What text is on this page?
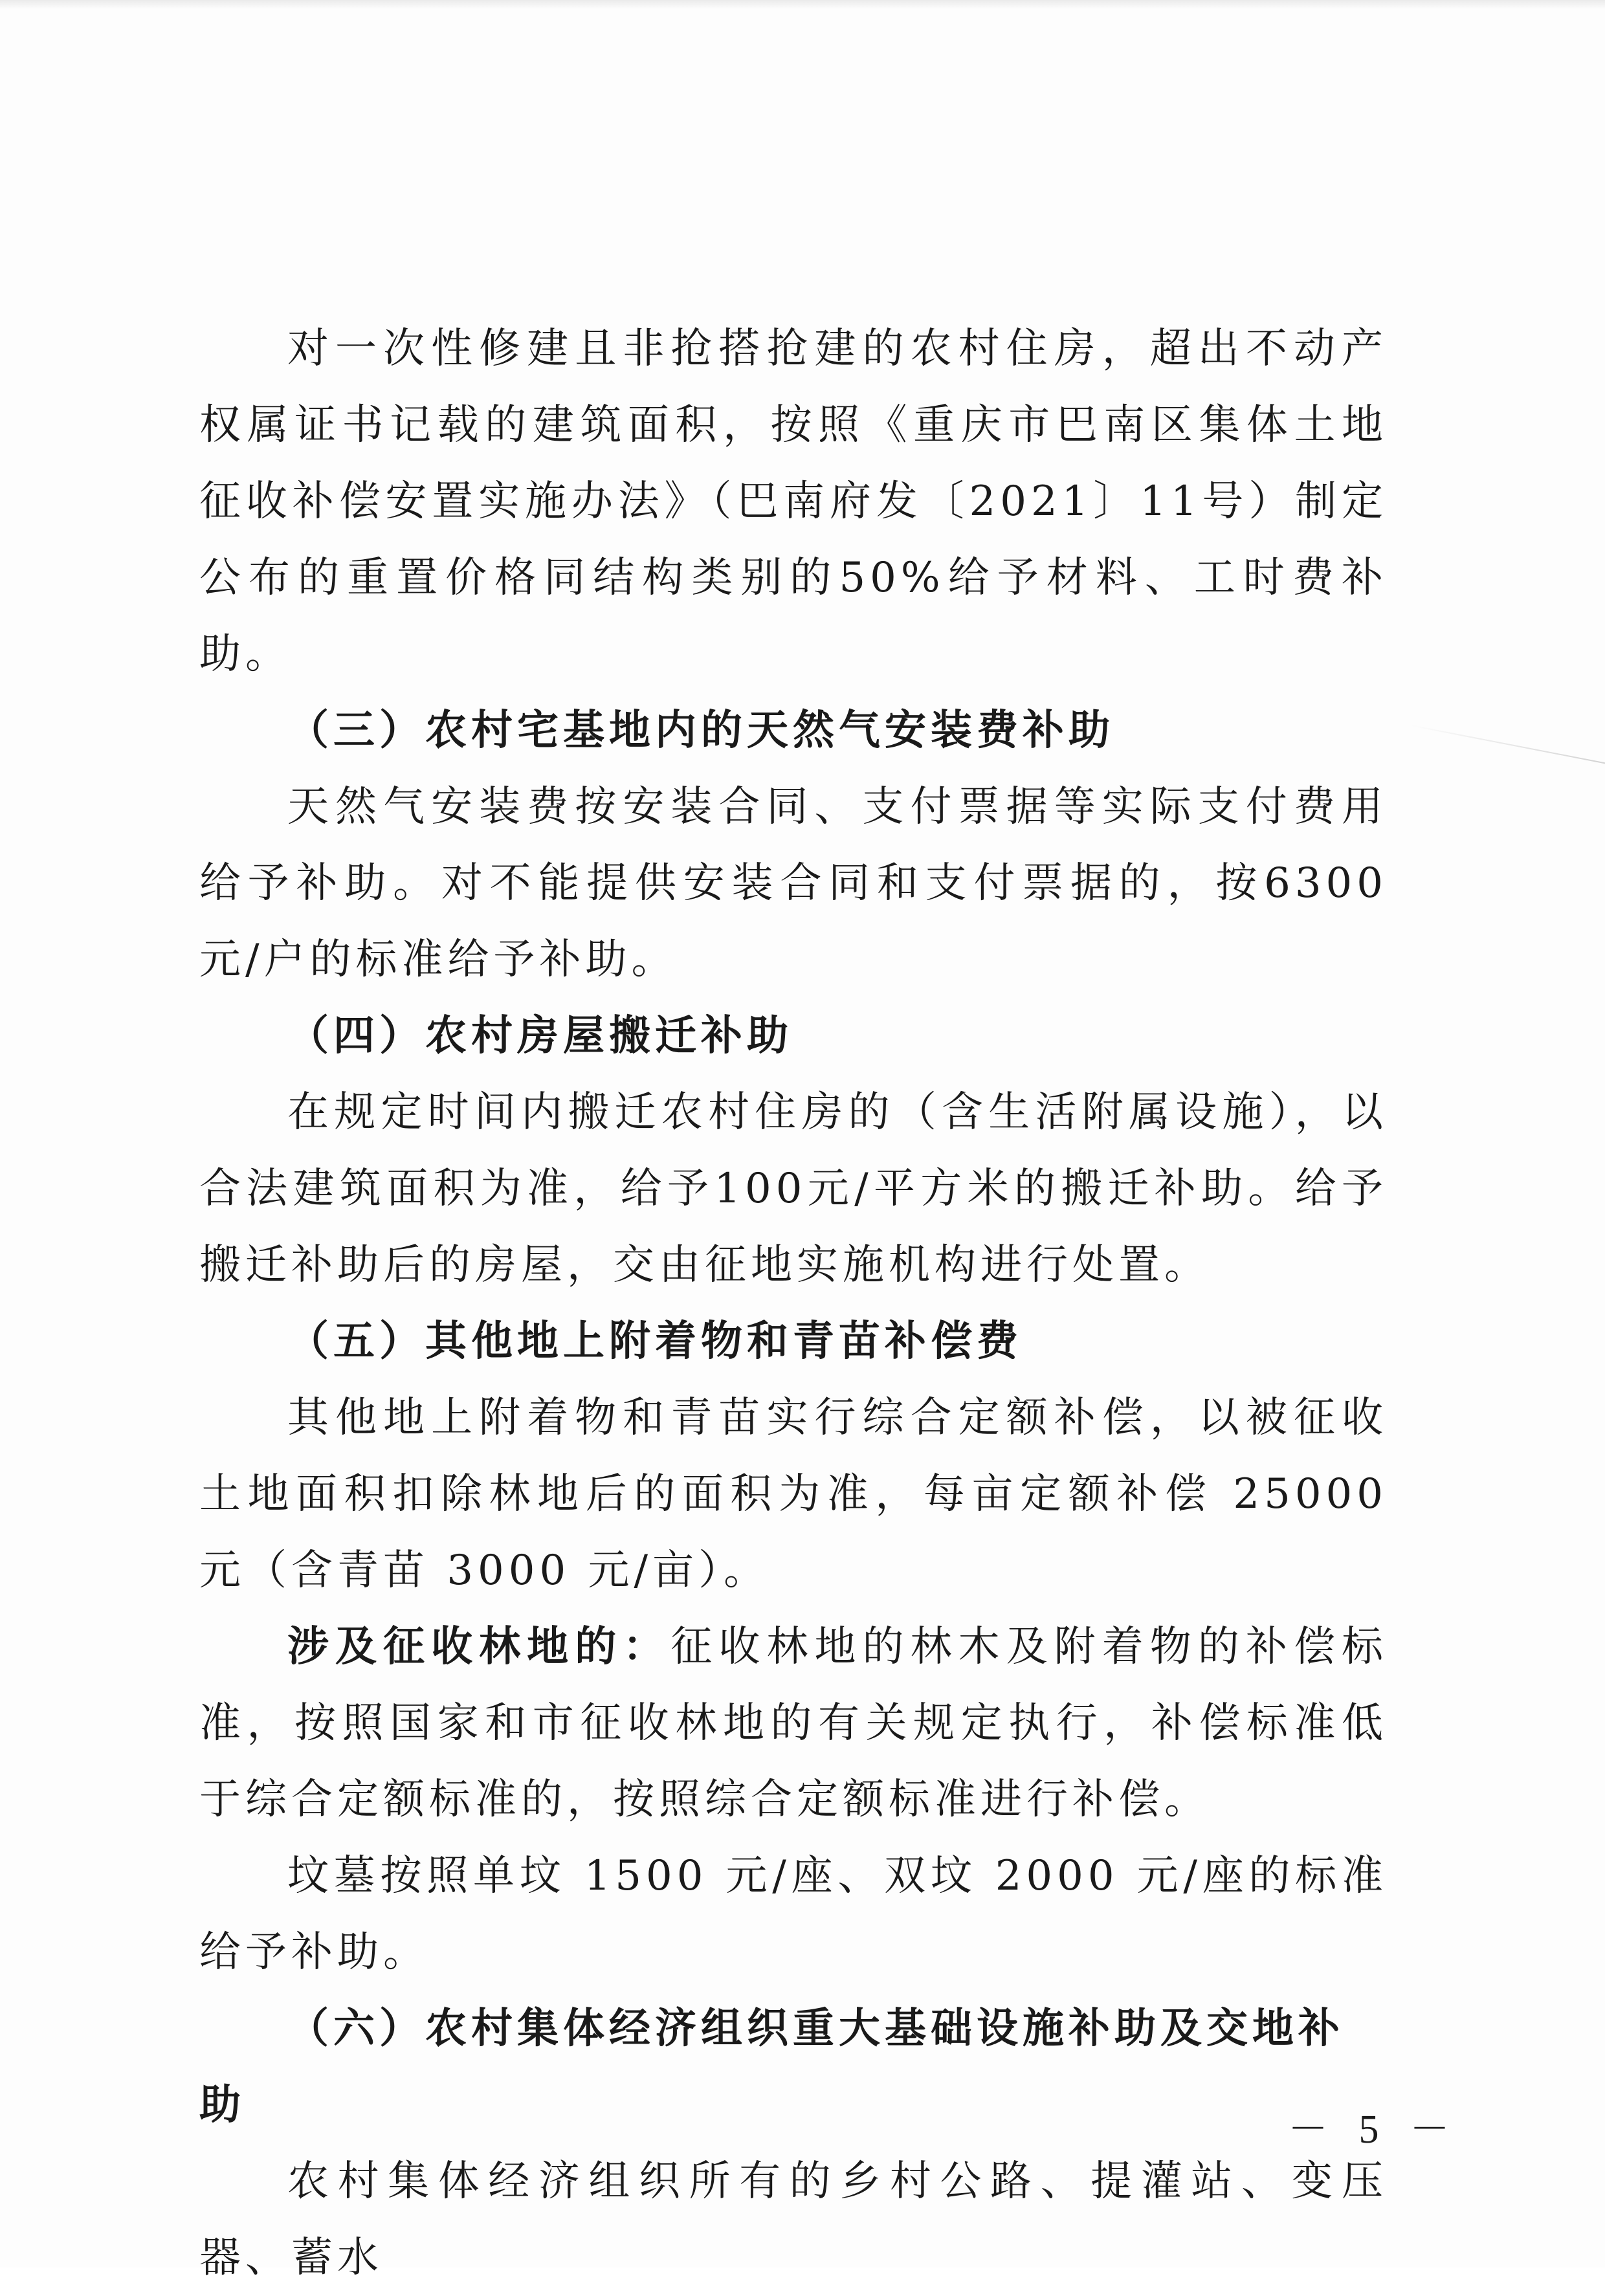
对一次性修建且非抢搭抢建的农村住房，超出不动产权属证书记载的建筑面积，按照《重庆市巴南区集体土地征收补偿安置实施办法》（巴南府发〔2021〕11号）制定公布的重置价格同结构类别的50%给予材料、工时费补助。

（三）农村宅基地内的天然气安装费补助

天然气安装费按安装合同、支付票据等实际支付费用给予补助。对不能提供安装合同和支付票据的，按6300元/户的标准给予补助。

（四）农村房屋搬迁补助

在规定时间内搬迁农村住房的（含生活附属设施），以合法建筑面积为准，给予100元/平方米的搬迁补助。给予搬迁补助后的房屋，交由征地实施机构进行处置。

（五）其他地上附着物和青苗补偿费

其他地上附着物和青苗实行综合定额补偿，以被征收土地面积扣除林地后的面积为准，每亩定额补偿 25000 元（含青苗 3000 元/亩）。

涉及征收林地的：征收林地的林木及附着物的补偿标准，按照国家和市征收林地的有关规定执行，补偿标准低于综合定额标准的，按照综合定额标准进行补偿。

坟墓按照单坟 1500 元/座、双坟 2000 元/座的标准给予补助。

（六）农村集体经济组织重大基础设施补助及交地补助

农村集体经济组织所有的乡村公路、提灌站、变压器、蓄水

－ 5 －
